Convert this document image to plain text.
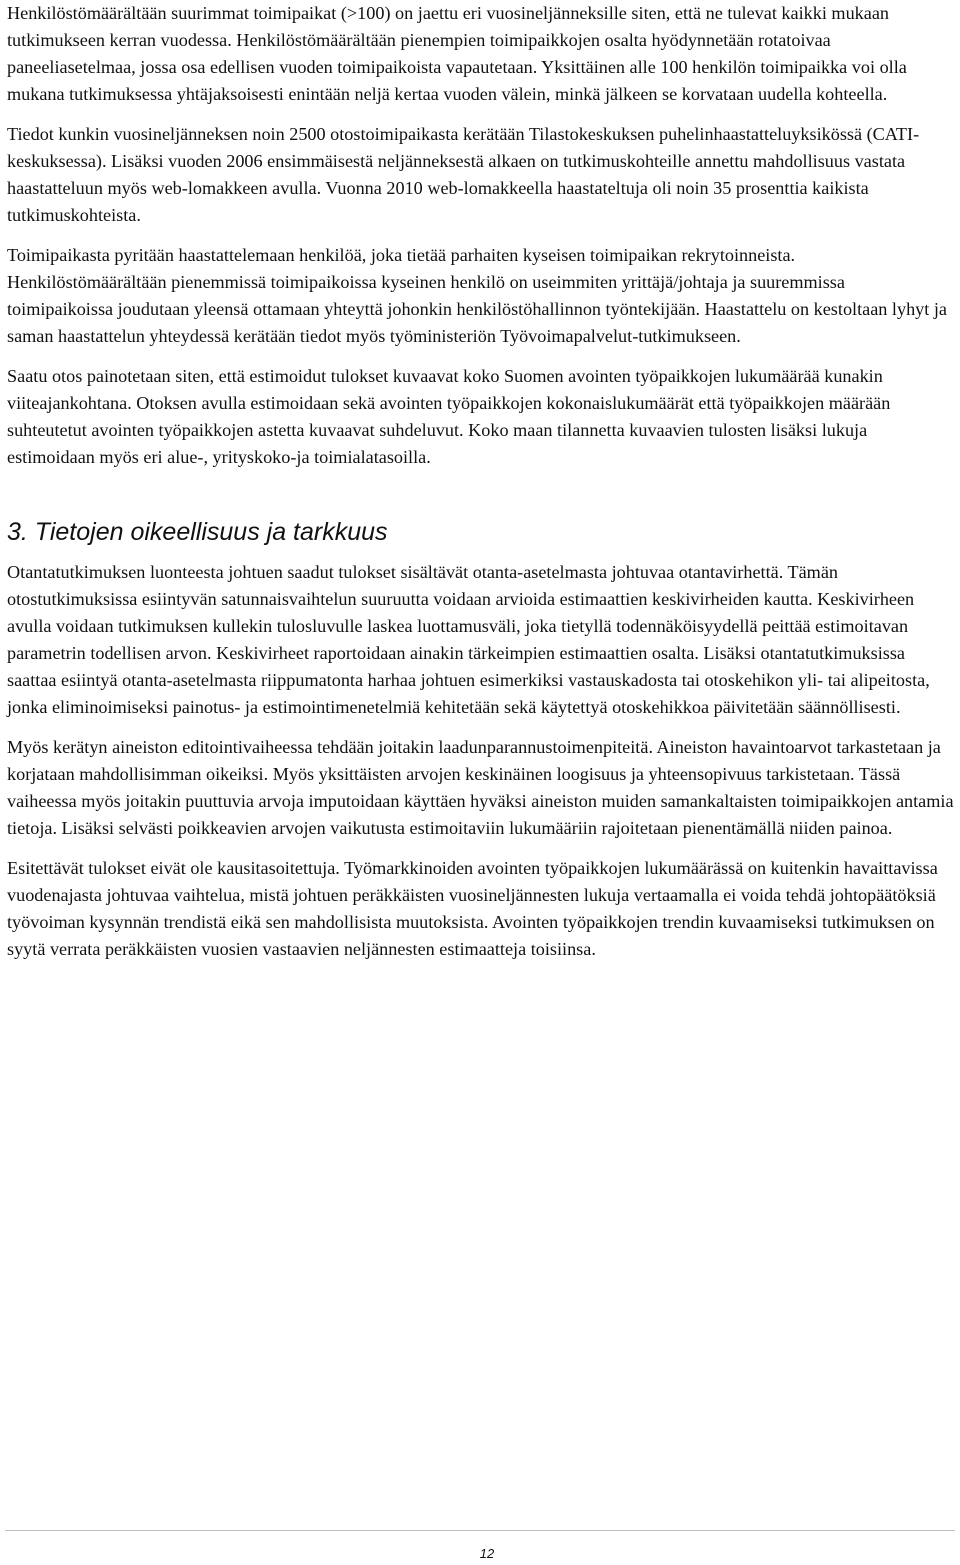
Henkilöstömäärältään suurimmat toimipaikat (>100) on jaettu eri vuosineljänneksille siten, että ne tulevat kaikki mukaan tutkimukseen kerran vuodessa. Henkilöstömäärältään pienempien toimipaikkojen osalta hyödynnetään rotatoivaa paneeliasetelmaa, jossa osa edellisen vuoden toimipaikoista vapautetaan. Yksittäinen alle 100 henkilön toimipaikka voi olla mukana tutkimuksessa yhtäjaksoisesti enintään neljä kertaa vuoden välein, minkä jälkeen se korvataan uudella kohteella.

Tiedot kunkin vuosineljänneksen noin 2500 otostoimipaikasta kerätään Tilastokeskuksen puhelinhaastatteluyksikössä (CATI-keskuksessa). Lisäksi vuoden 2006 ensimmäisestä neljänneksestä alkaen on tutkimuskohteille annettu mahdollisuus vastata haastatteluun myös web-lomakkeen avulla. Vuonna 2010 web-lomakkeella haastateltuja oli noin 35 prosenttia kaikista tutkimuskohteista.

Toimipaikasta pyritään haastattelemaan henkilöä, joka tietää parhaiten kyseisen toimipaikan rekrytoinneista. Henkilöstömäärältään pienemmissä toimipaikoissa kyseinen henkilö on useimmiten yrittäjä/johtaja ja suuremmissa toimipaikoissa joudutaan yleensä ottamaan yhteyttä johonkin henkilöstöhallinnon työntekijään. Haastattelu on kestoltaan lyhyt ja saman haastattelun yhteydessä kerätään tiedot myös työministeriön Työvoimapalvelut-tutkimukseen.

Saatu otos painotetaan siten, että estimoidut tulokset kuvaavat koko Suomen avointen työpaikkojen lukumäärää kunakin viiteajankohtana. Otoksen avulla estimoidaan sekä avointen työpaikkojen kokonaislukumäärät että työpaikkojen määrään suhteutetut avointen työpaikkojen astetta kuvaavat suhdeluvut. Koko maan tilannetta kuvaavien tulosten lisäksi lukuja estimoidaan myös eri alue-, yrityskoko-ja toimialatasoilla.

3. Tietojen oikeellisuus ja tarkkuus

Otantatutkimuksen luonteesta johtuen saadut tulokset sisältävät otanta-asetelmasta johtuvaa otantavirhettä. Tämän otostutkimuksissa esiintyvän satunnaisvaihtelun suuruutta voidaan arvioida estimaattien keskivirheiden kautta. Keskivirheen avulla voidaan tutkimuksen kullekin tulosluvulle laskea luottamusväli, joka tietyllä todennäköisyydellä peittää estimoitavan parametrin todellisen arvon. Keskivirheet raportoidaan ainakin tärkeimpien estimaattien osalta. Lisäksi otantatutkimuksissa saattaa esiintyä otanta-asetelmasta riippumatonta harhaa johtuen esimerkiksi vastauskadosta tai otoskehikon yli- tai alipeitosta, jonka eliminoimiseksi painotus- ja estimointimenetelmiä kehitetään sekä käytettyä otoskehikkoa päivitetään säännöllisesti.

Myös kerätyn aineiston editointivaiheessa tehdään joitakin laadunparannustoimenpiteitä. Aineiston havaintoarvot tarkastetaan ja korjataan mahdollisimman oikeiksi. Myös yksittäisten arvojen keskinäinen loogisuus ja yhteensopivuus tarkistetaan. Tässä vaiheessa myös joitakin puuttuvia arvoja imputoidaan käyttäen hyväksi aineiston muiden samankaltaisten toimipaikkojen antamia tietoja. Lisäksi selvästi poikkeavien arvojen vaikutusta estimoitaviin lukumääriin rajoitetaan pienentämällä niiden painoa.

Esitettävät tulokset eivät ole kausitasoitettuja. Työmarkkinoiden avointen työpaikkojen lukumäärässä on kuitenkin havaittavissa vuodenajasta johtuvaa vaihtelua, mistä johtuen peräkkäisten vuosineljännesten lukuja vertaamalla ei voida tehdä johtopäätöksiä työvoiman kysynnän trendistä eikä sen mahdollisista muutoksista. Avointen työpaikkojen trendin kuvaamiseksi tutkimuksen on syytä verrata peräkkäisten vuosien vastaavien neljännesten estimaatteja toisiinsa.

12
